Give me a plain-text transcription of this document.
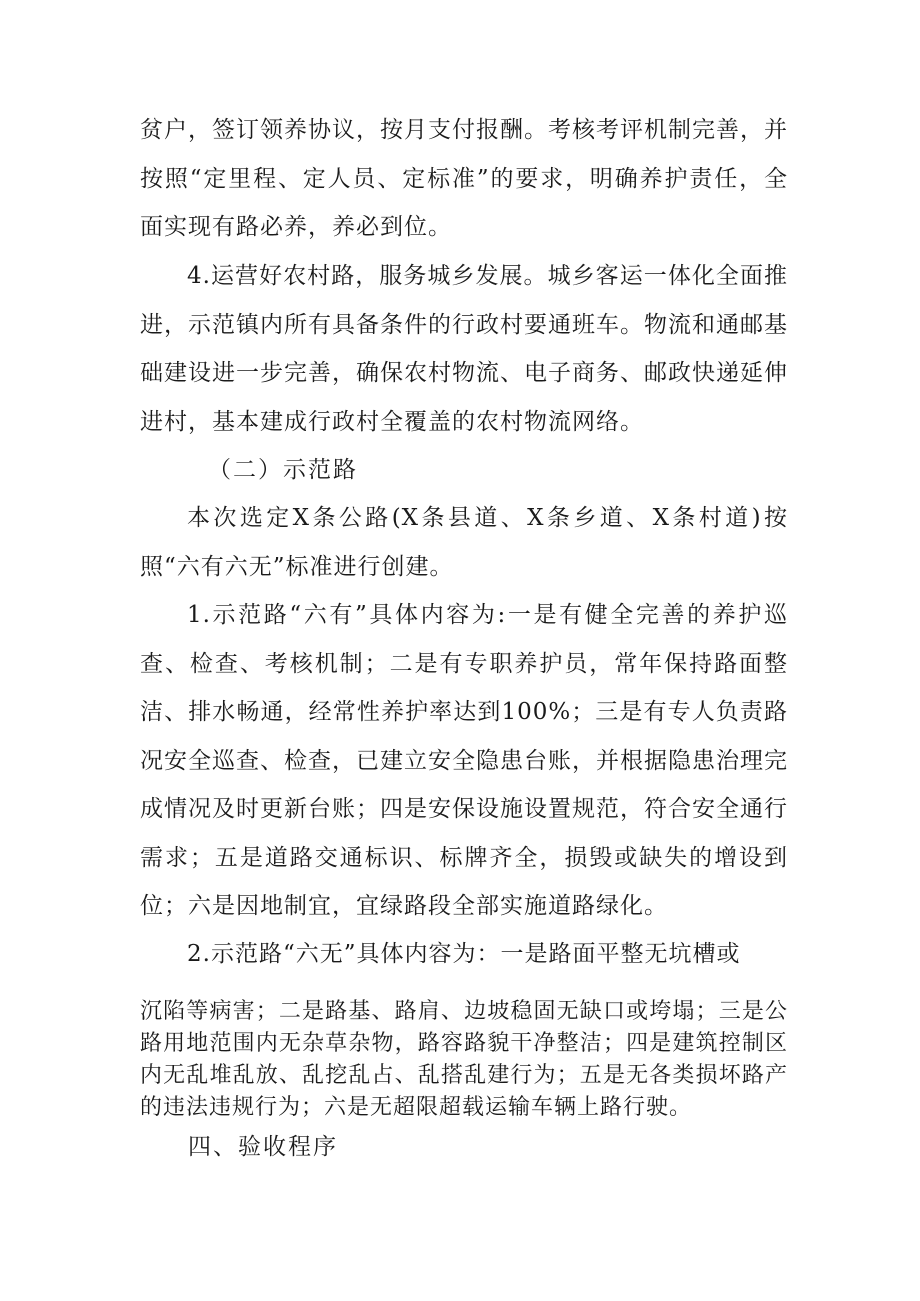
贫户，签订领养协议，按月支付报酬。考核考评机制完善，并按照“定里程、定人员、定标准”的要求，明确养护责任，全面实现有路必养，养必到位。

4.运营好农村路，服务城乡发展。城乡客运一体化全面推进，示范镇内所有具备条件的行政村要通班车。物流和通邮基础建设进一步完善，确保农村物流、电子商务、邮政快递延伸进村，基本建成行政村全覆盖的农村物流网络。

（二）示范路

本次选定X条公路(X条县道、X条乡道、X条村道)按照“六有六无”标准进行创建。

1.示范路“六有”具体内容为:一是有健全完善的养护巡查、检查、考核机制；二是有专职养护员，常年保持路面整洁、排水畅通，经常性养护率达到100%；三是有专人负责路况安全巡查、检查，已建立安全隐患台账，并根据隐患治理完成情况及时更新台账；四是安保设施设置规范，符合安全通行需求；五是道路交通标识、标牌齐全，损毁或缺失的增设到位；六是因地制宜，宜绿路段全部实施道路绿化。

2.示范路“六无”具体内容为：一是路面平整无坑槽或

沉陷等病害；二是路基、路肩、边坡稳固无缺口或垮塌；三是公路用地范围内无杂草杂物，路容路貌干净整洁；四是建筑控制区内无乱堆乱放、乱挖乱占、乱搭乱建行为；五是无各类损坏路产的违法违规行为；六是无超限超载运输车辆上路行驶。

四、验收程序
